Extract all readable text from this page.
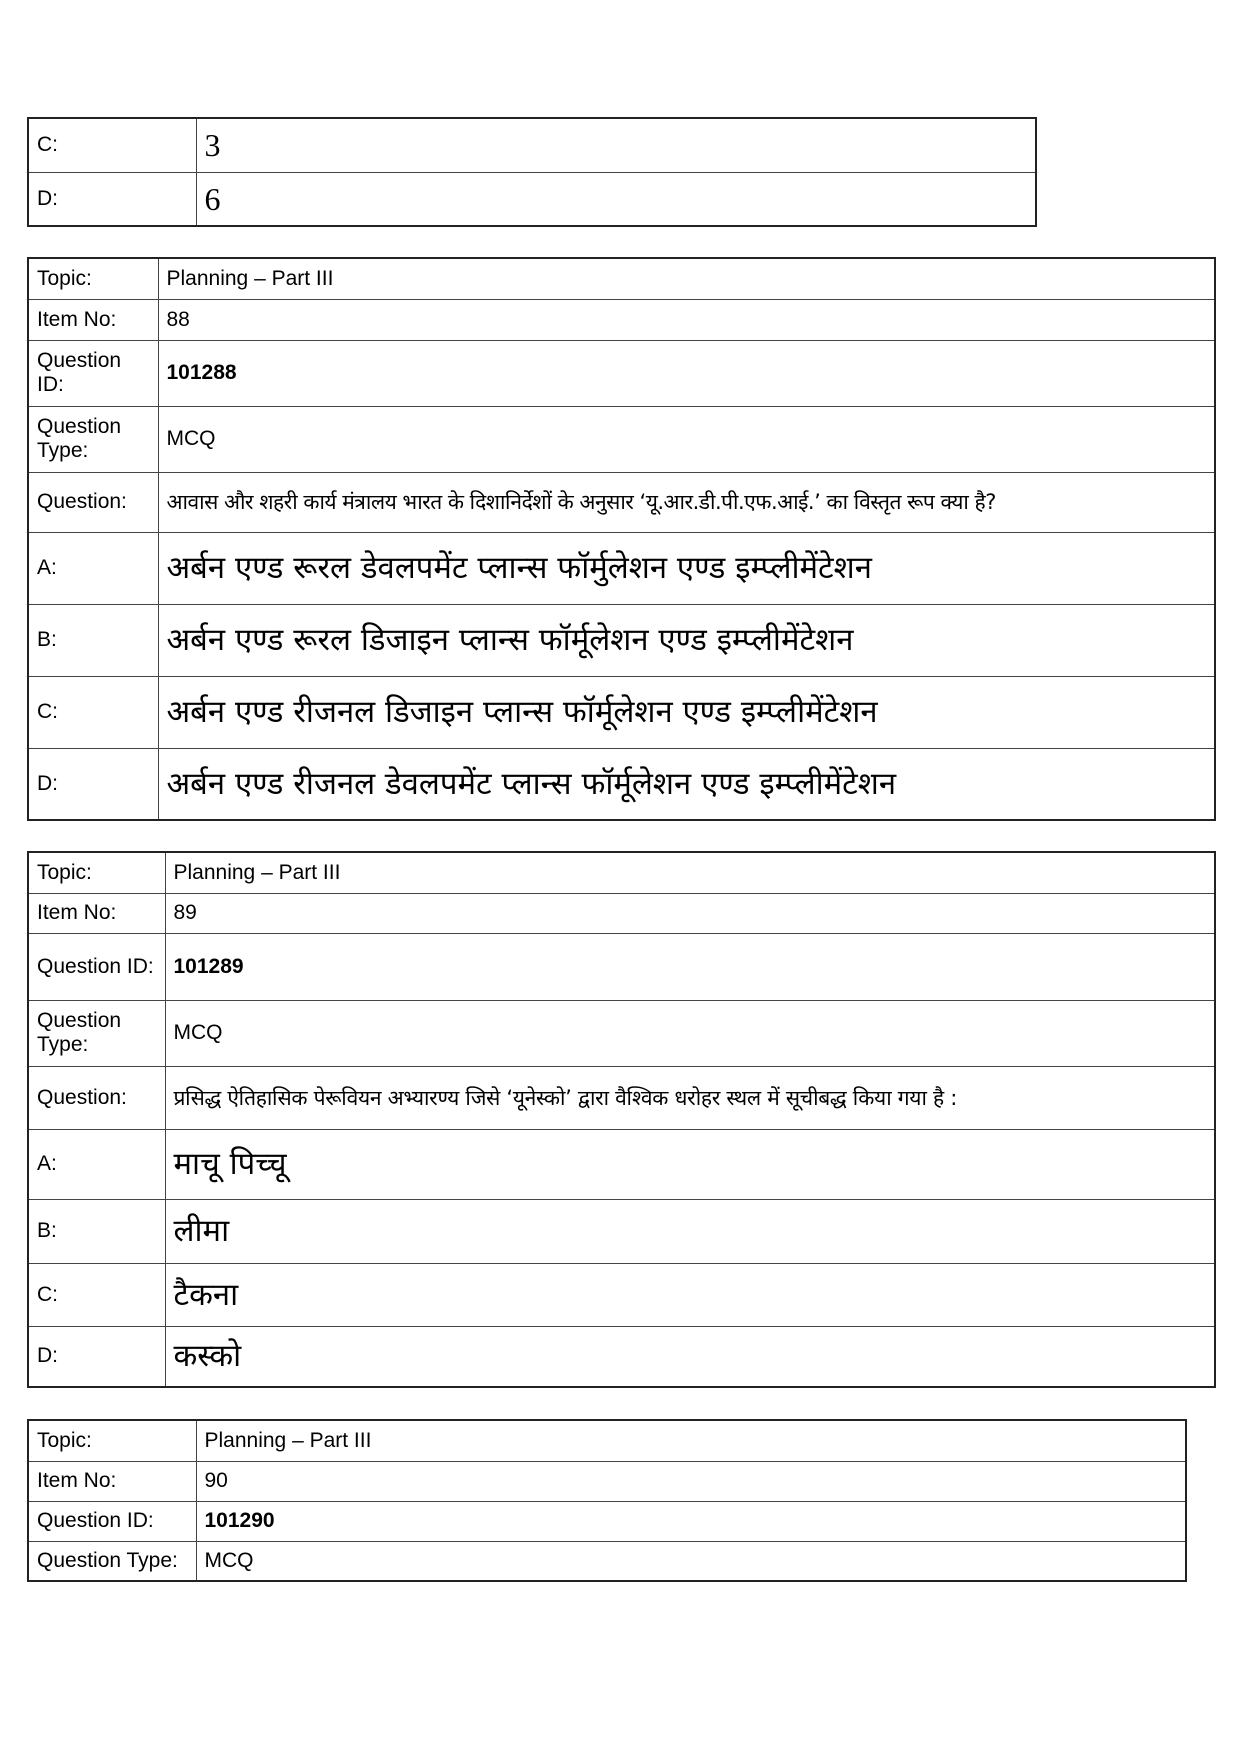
C:	3
D:	6
Topic:	Planning – Part III
Item No:	88
Question ID:	101288
Question Type:	MCQ
Question:	आवास और शहरी कार्य मंत्रालय भारत के दिशानिर्देशों के अनुसार ‘यू.आर.डी.पी.एफ.आई.’ का विस्तृत रूप क्या है?
A:	अर्बन एण्ड रूरल डेवलपमेंट प्लान्स फॉर्मुलेशन एण्ड इम्प्लीमेंटेशन
B:	अर्बन एण्ड रूरल डिजाइन प्लान्स फॉर्मूलेशन एण्ड इम्प्लीमेंटेशन
C:	अर्बन एण्ड रीजनल डिजाइन प्लान्स फॉर्मूलेशन एण्ड इम्प्लीमेंटेशन
D:	अर्बन एण्ड रीजनल डेवलपमेंट प्लान्स फॉर्मूलेशन एण्ड इम्प्लीमेंटेशन
Topic:	Planning – Part III
Item No:	89
Question ID:	101289
Question Type:	MCQ
Question:	प्रसिद्ध ऐतिहासिक पेरूवियन अभ्यारण्य जिसे ‘यूनेस्को’ द्वारा वैश्विक धरोहर स्थल में सूचीबद्ध किया गया है :
A:	माचू पिच्चू
B:	लीमा
C:	टैकना
D:	कस्को
Topic:	Planning – Part III
Item No:	90
Question ID:	101290
Question Type:	MCQ
